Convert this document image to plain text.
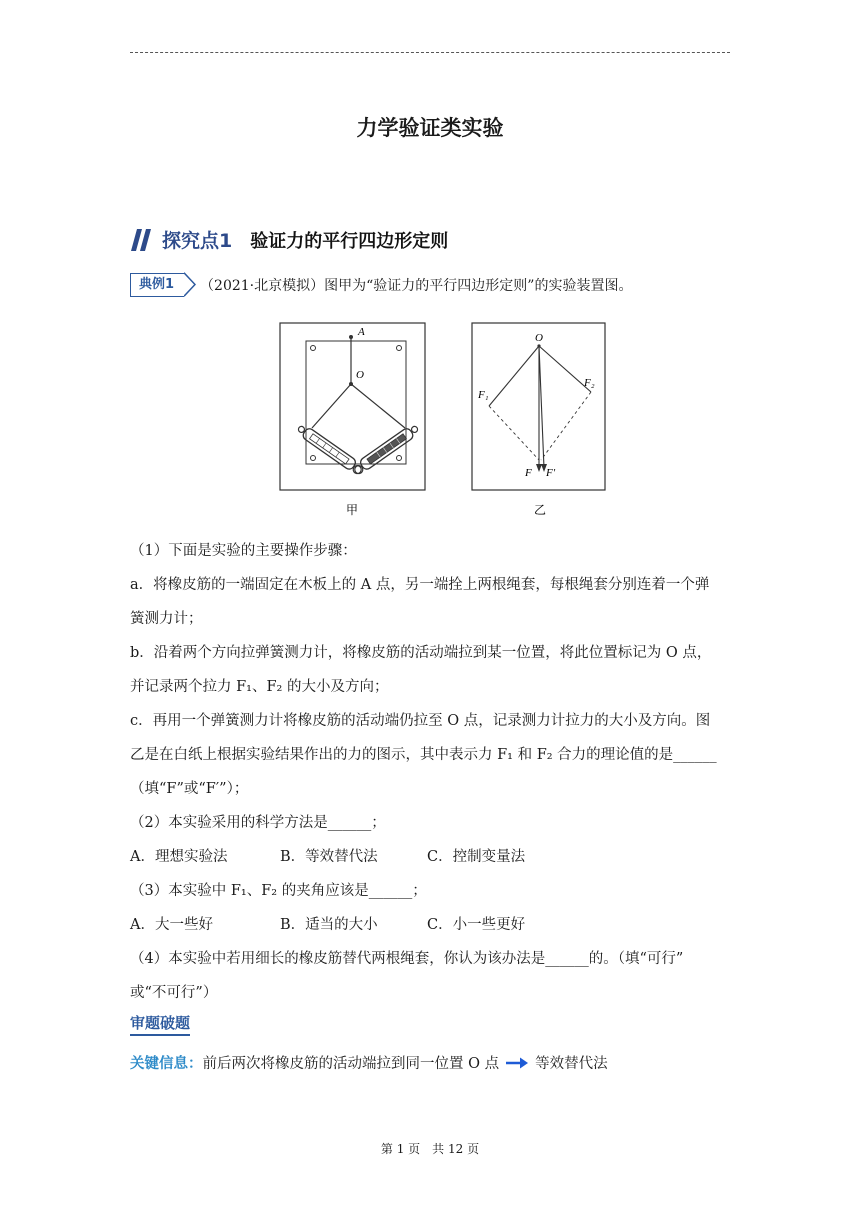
力学验证类实验
探究点1 验证力的平行四边形定则
典例1	（2021·北京模拟）图甲为“验证力的平行四边形定则”的实验装置图。
A
O
甲
O
F₁
F₂
F F′
乙
（1）下面是实验的主要操作步骤：
a．将橡皮筋的一端固定在木板上的 A 点，另一端拴上两根绳套，每根绳套分别连着一个弹
簧测力计；
b．沿着两个方向拉弹簧测力计，将橡皮筋的活动端拉到某一位置，将此位置标记为 O 点，
并记录两个拉力 F₁、F₂ 的大小及方向；
c．再用一个弹簧测力计将橡皮筋的活动端仍拉至 O 点，记录测力计拉力的大小及方向。图
乙是在白纸上根据实验结果作出的力的图示，其中表示力 F₁ 和 F₂ 合力的理论值的是______
（填“F”或“F′”）；
（2）本实验采用的科学方法是______；
A．理想实验法	B．等效替代法	C．控制变量法
（3）本实验中 F₁、F₂ 的夹角应该是______；
A．大一些好	B．适当的大小	C．小一些更好
（4）本实验中若用细长的橡皮筋替代两根绳套，你认为该办法是______的。（填“可行”
或“不可行”）
审题破题
关键信息： 前后两次将橡皮筋的活动端拉到同一位置 O 点 等效替代法
第 1 页　共 12 页
